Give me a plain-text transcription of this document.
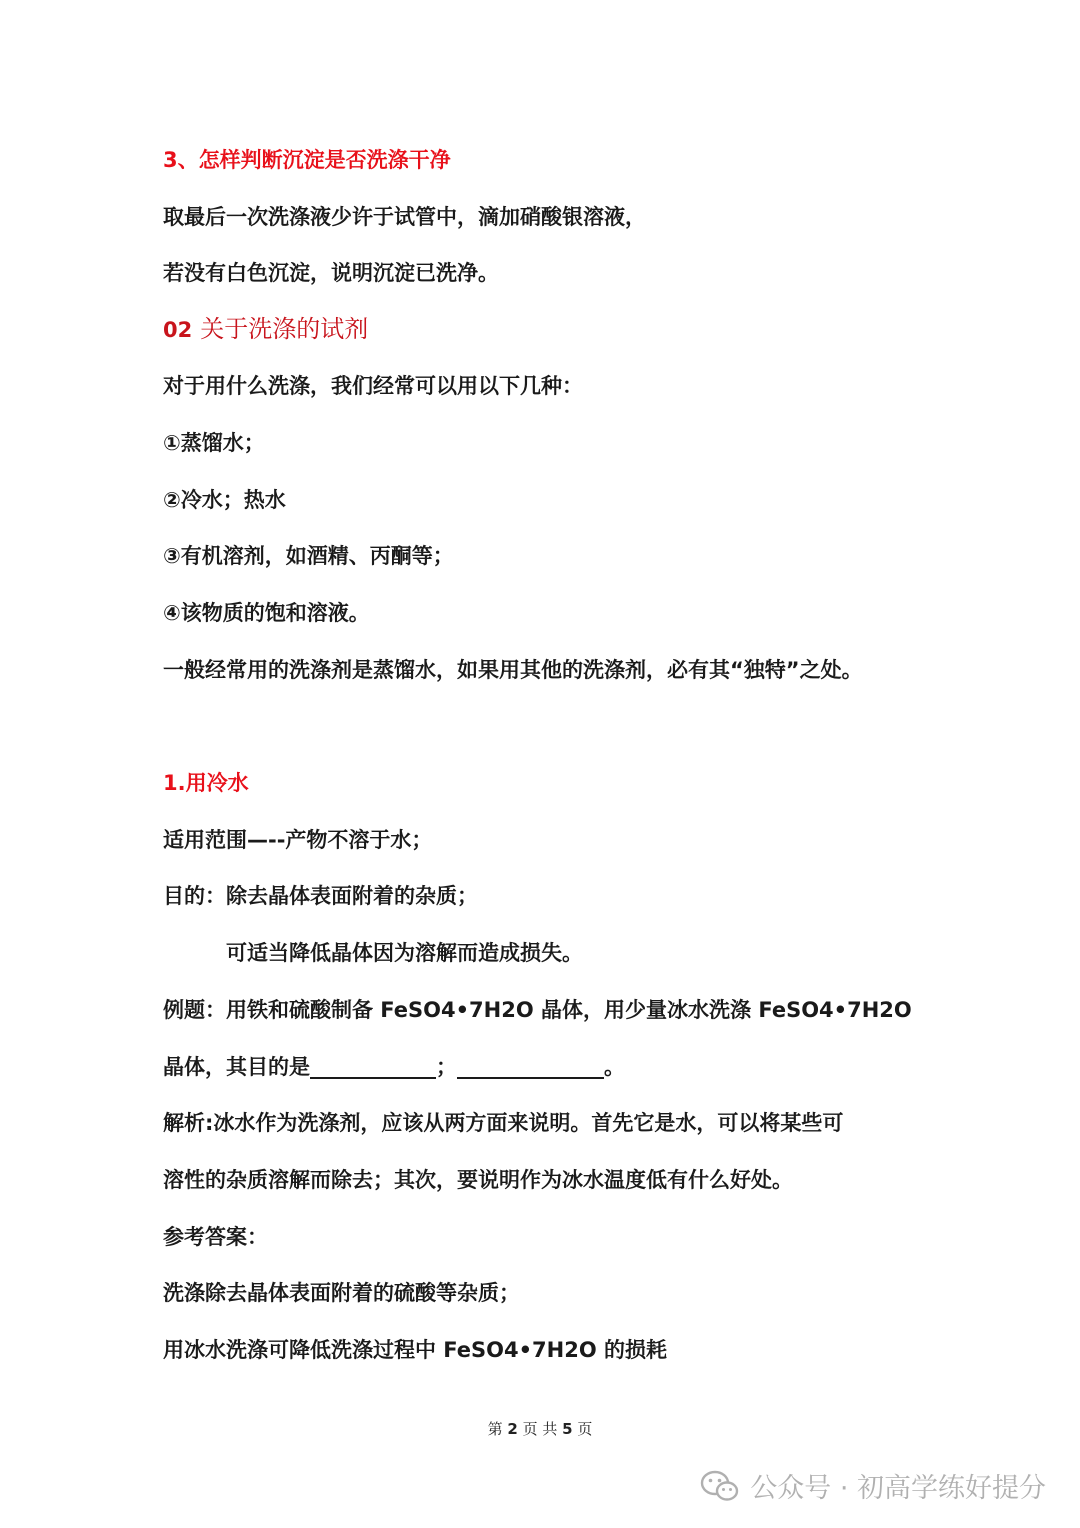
3、怎样判断沉淀是否洗涤干净
取最后一次洗涤液少许于试管中，滴加硝酸银溶液，
若没有白色沉淀，说明沉淀已洗净。
02 关于洗涤的试剂
对于用什么洗涤，我们经常可以用以下几种：
①蒸馏水；
②冷水；热水
③有机溶剂，如酒精、丙酮等；
④该物质的饱和溶液。
一般经常用的洗涤剂是蒸馏水，如果用其他的洗涤剂，必有其“独特”之处。
1.用冷水
适用范围—--产物不溶于水；
目的：除去晶体表面附着的杂质；
可适当降低晶体因为溶解而造成损失。
例题：用铁和硫酸制备 FeSO4•7H2O 晶体，用少量冰水洗涤 FeSO4•7H2O
晶体，其目的是____________；______________。
解析:冰水作为洗涤剂，应该从两方面来说明。首先它是水，可以将某些可
溶性的杂质溶解而除去；其次，要说明作为冰水温度低有什么好处。
参考答案：
洗涤除去晶体表面附着的硫酸等杂质；
用冰水洗涤可降低洗涤过程中 FeSO4•7H2O 的损耗
第 2 页 共 5 页
公众号 · 初高学练好提分
